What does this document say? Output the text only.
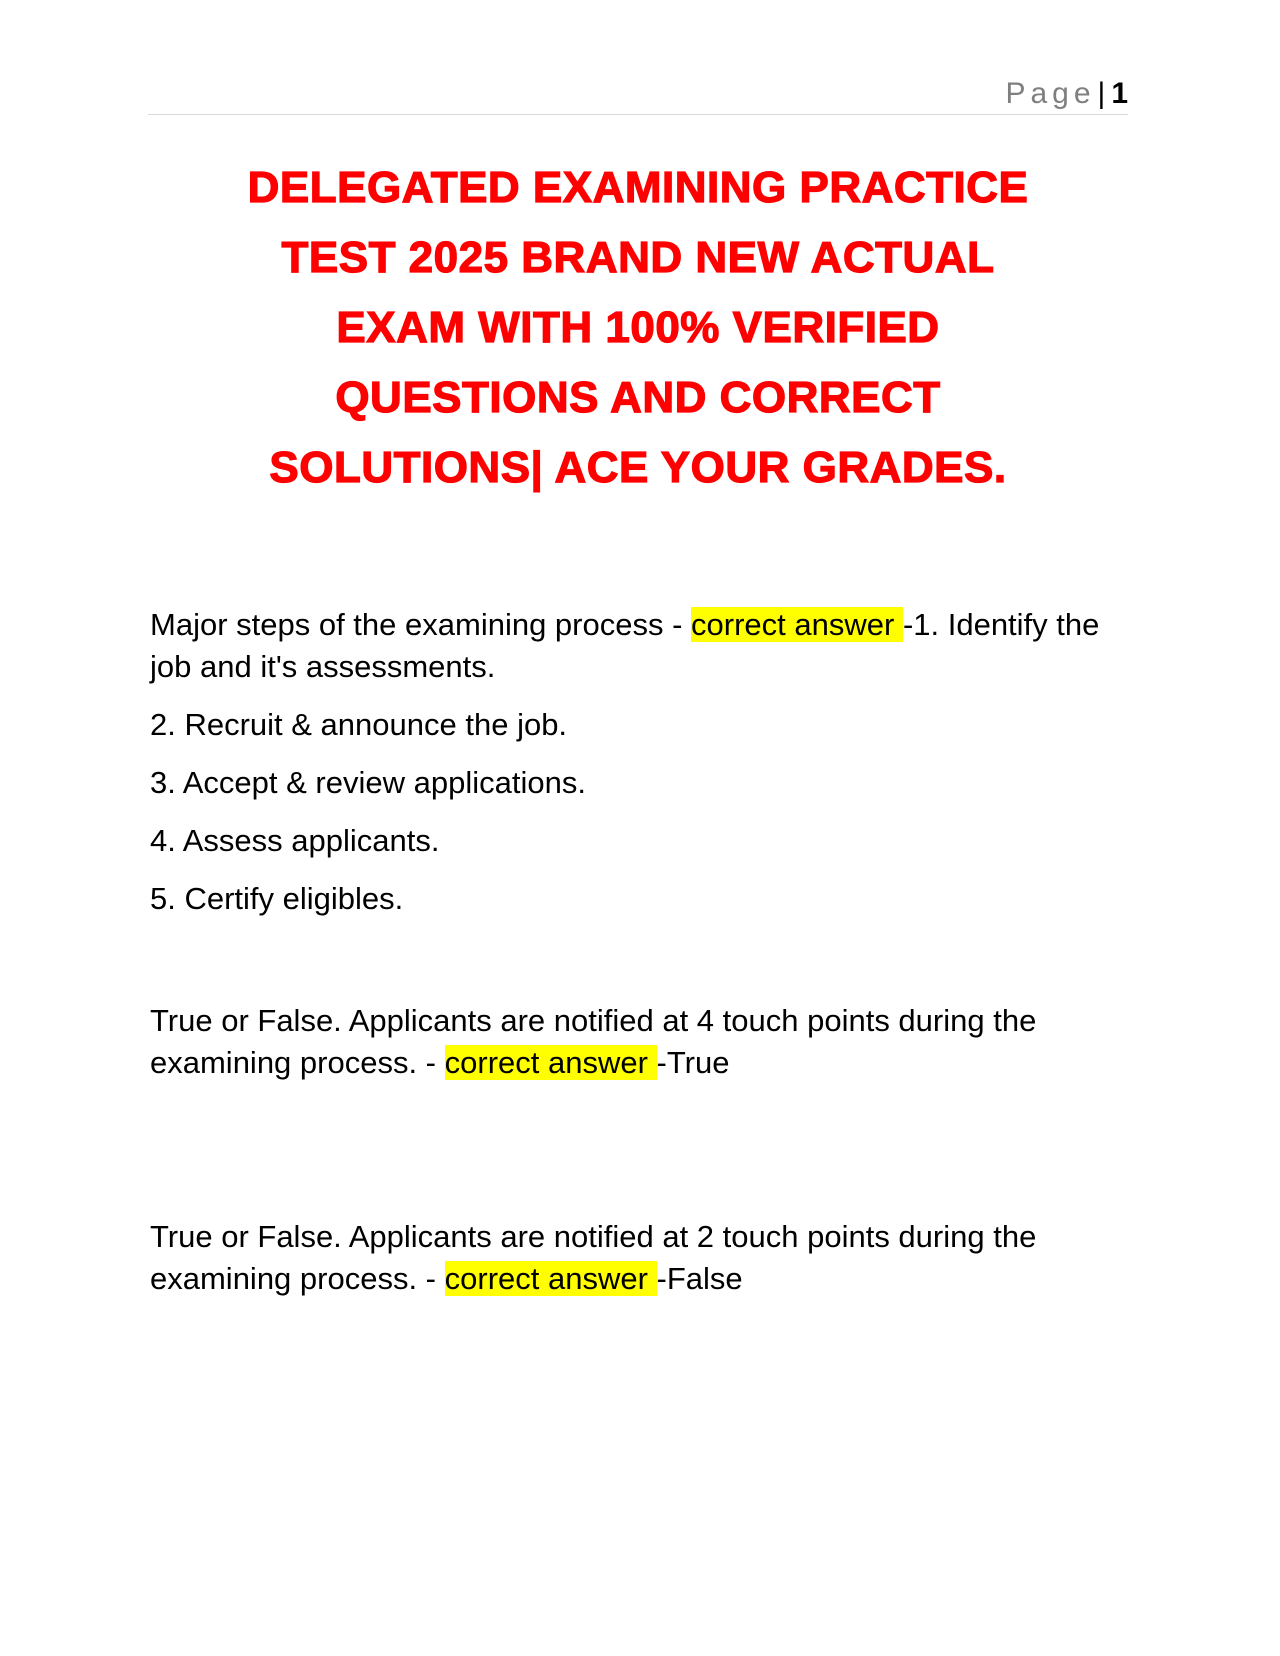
Page| 1
DELEGATED EXAMINING PRACTICE
TEST 2025 BRAND NEW ACTUAL
EXAM WITH 100% VERIFIED
QUESTIONS AND CORRECT
SOLUTIONS| ACE YOUR GRADES.

Major steps of the examining process - correct answer -1. Identify the job and it's assessments.

2. Recruit & announce the job.

3. Accept & review applications.

4. Assess applicants.

5. Certify eligibles.

True or False. Applicants are notified at 4 touch points during the examining process. - correct answer -True

True or False. Applicants are notified at 2 touch points during the examining process. - correct answer -False
